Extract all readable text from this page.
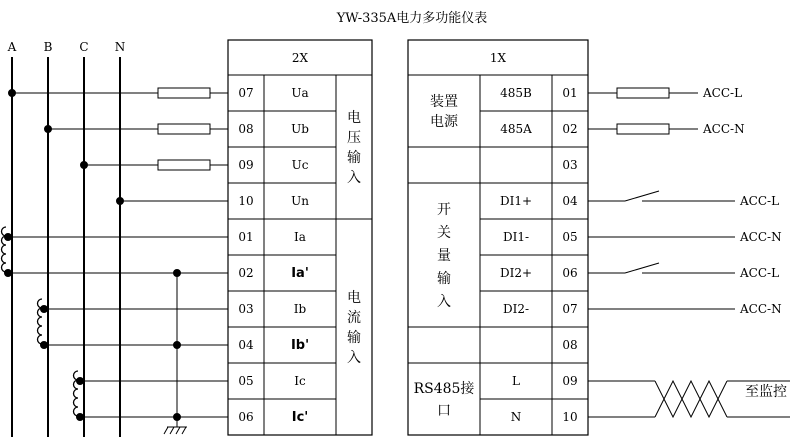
YW-335A电力多功能仪表
A B C N
2X
07	Ua
08	Ub
09	Uc
10	Un
01	Ia
02	Ia'
03	Ib
04	Ib'
05	Ic
06	Ic'
电
压
输
入
电
流
输
入
1X
485B	01
485A	02
03
DI1+	04
DI1-	05
DI2+	06
DI2-	07
08
L	09
N	10
装置
电源
开
关
量
输
入
RS485接
口
ACC-L
ACC-N
ACC-L
ACC-N
ACC-L
ACC-N
至监控
